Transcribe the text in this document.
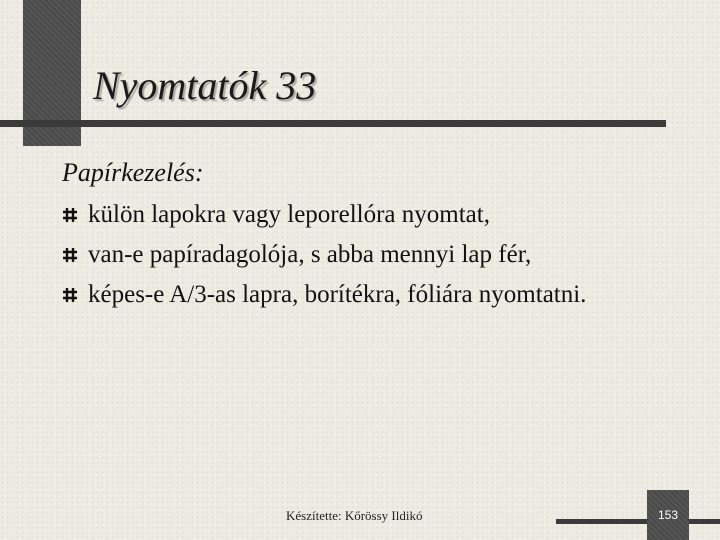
Nyomtatók 33
Papírkezelés:
külön lapokra vagy leporellóra nyomtat,
van-e papíradagolója, s abba mennyi lap fér,
képes-e A/3-as lapra, borítékra, fóliára nyomtatni.
Készítette: Kőrössy Ildikó	153
